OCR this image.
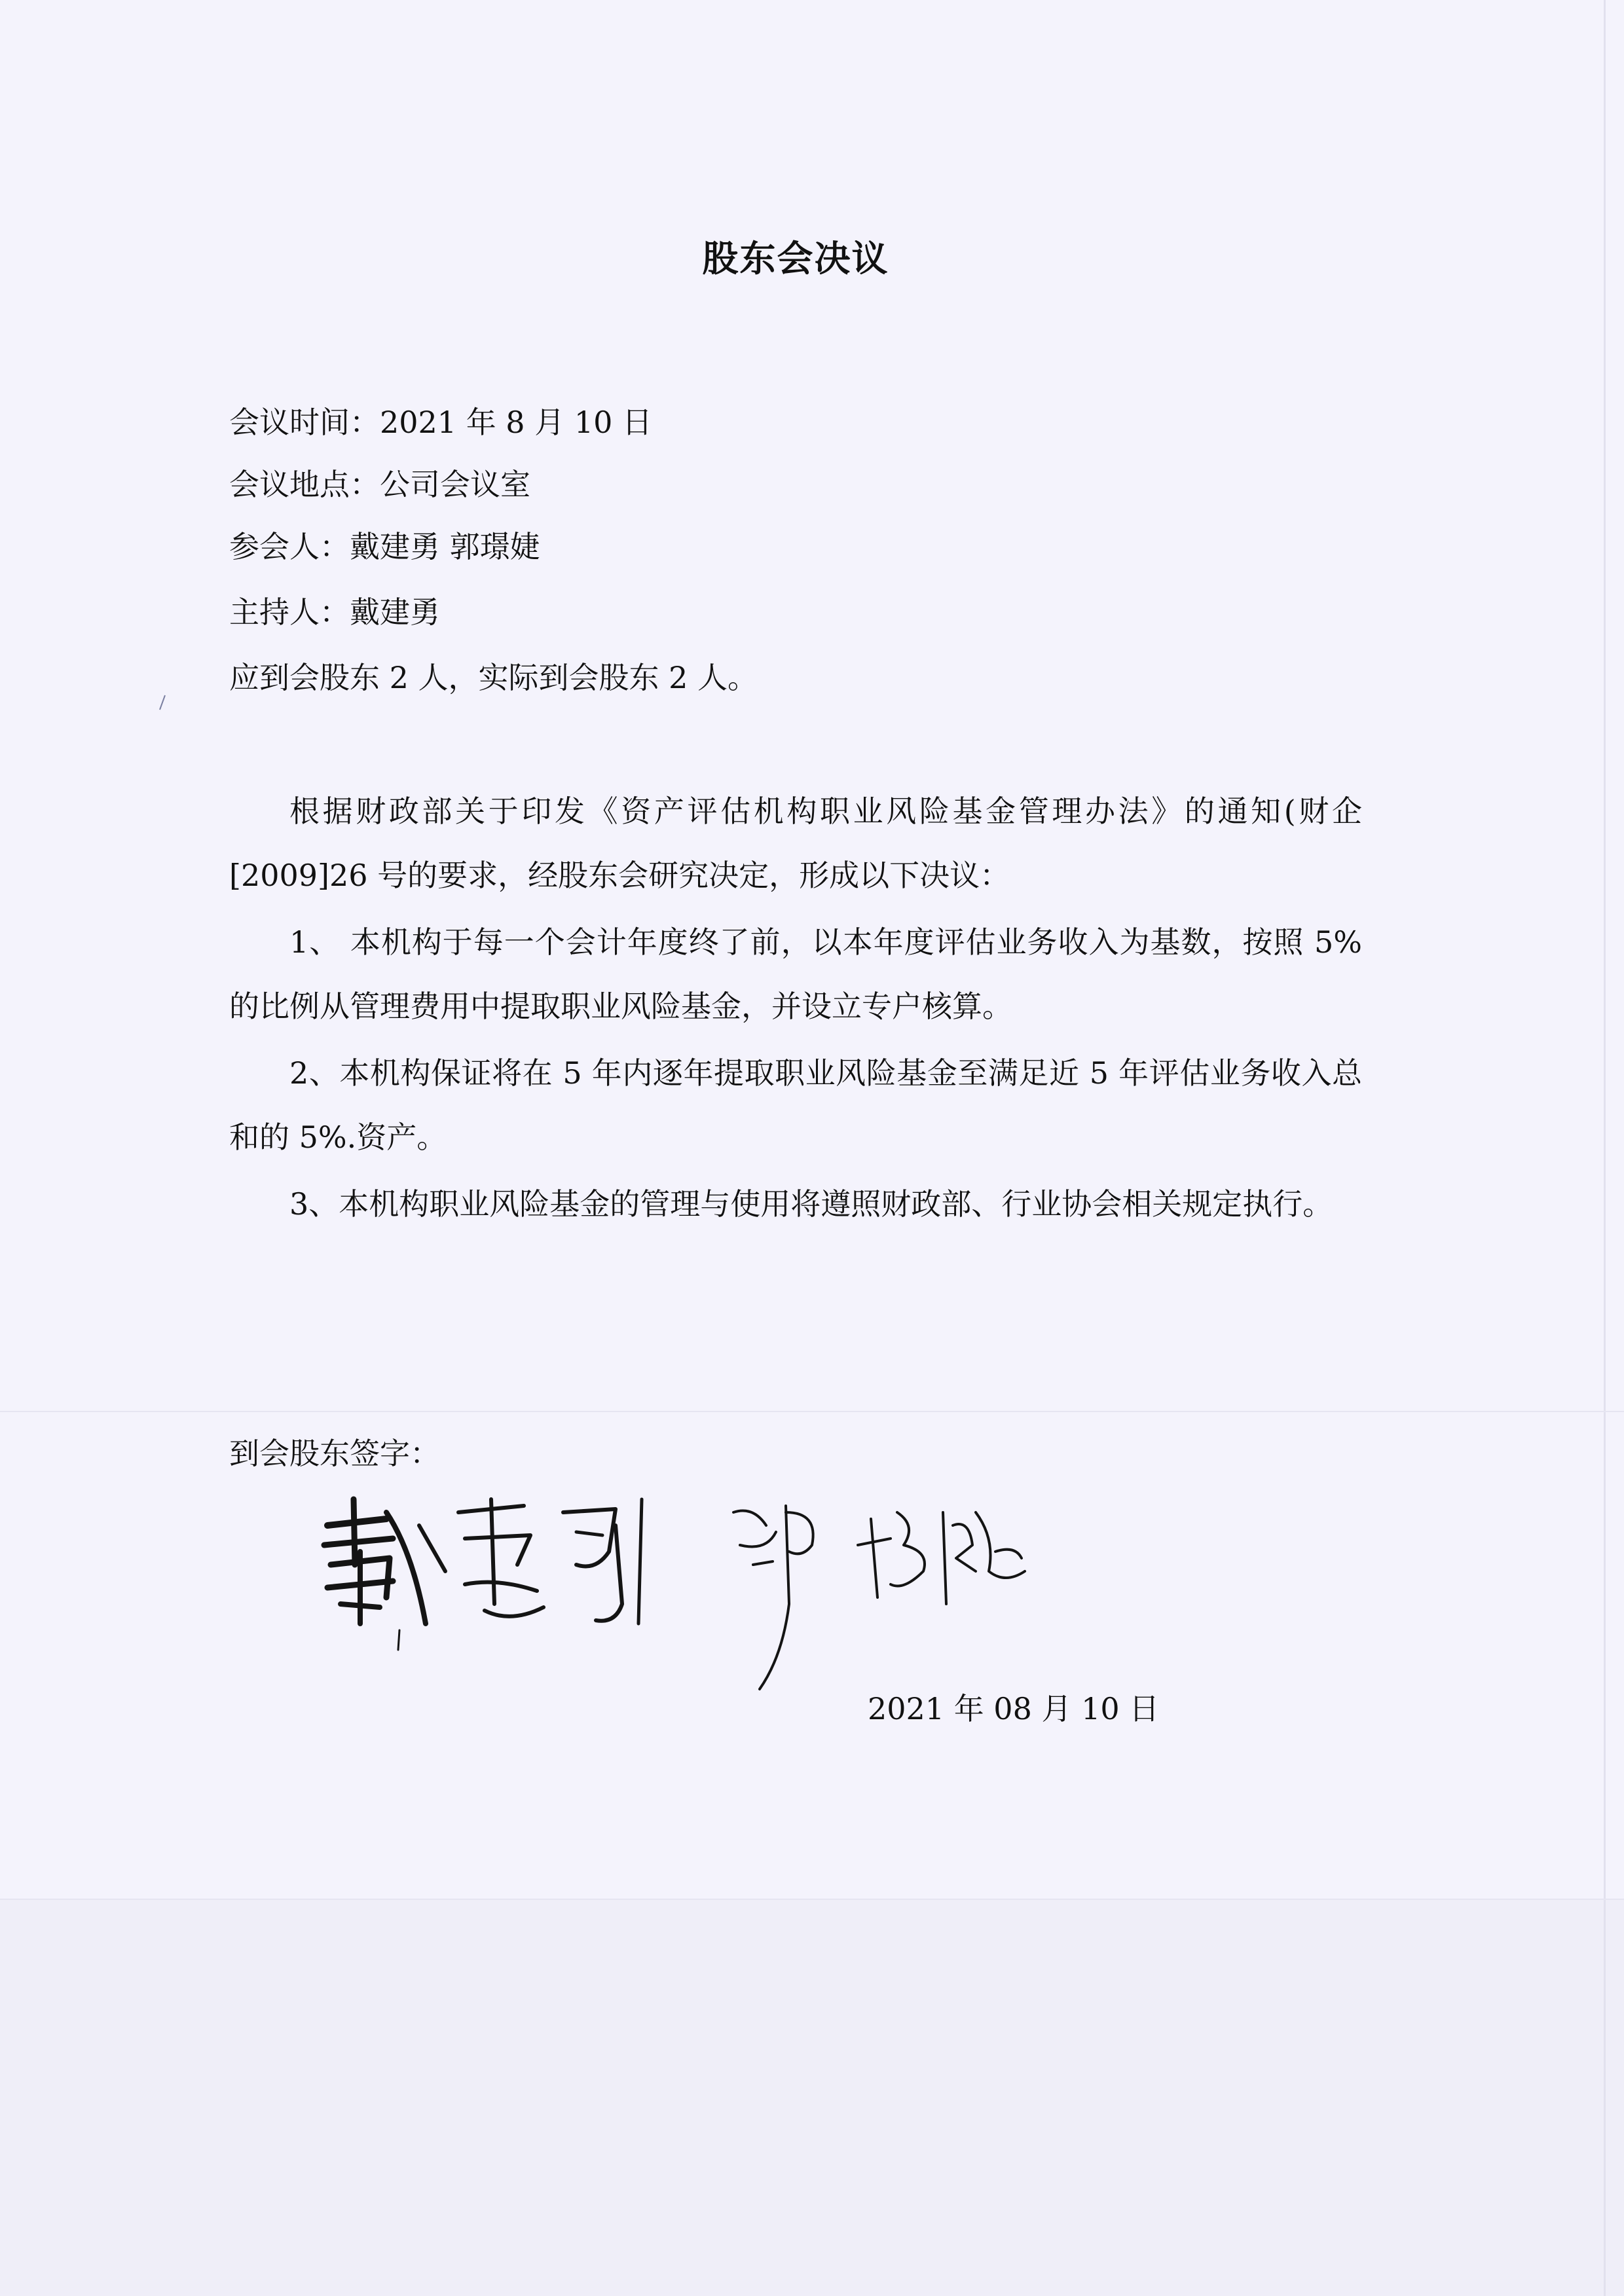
股东会决议
会议时间：2021 年 8 月 10 日
会议地点：公司会议室
参会人：戴建勇 郭璟婕
主持人：戴建勇
应到会股东 2 人，实际到会股东 2 人。
根据财政部关于印发《资产评估机构职业风险基金管理办法》的通知(财企[2009]26 号的要求，经股东会研究决定，形成以下决议：
1、 本机构于每一个会计年度终了前，以本年度评估业务收入为基数，按照 5%的比例从管理费用中提取职业风险基金，并设立专户核算。
2、本机构保证将在 5 年内逐年提取职业风险基金至满足近 5 年评估业务收入总和的 5%.资产。
3、本机构职业风险基金的管理与使用将遵照财政部、行业协会相关规定执行。
到会股东签字：
2021 年 08 月 10 日
